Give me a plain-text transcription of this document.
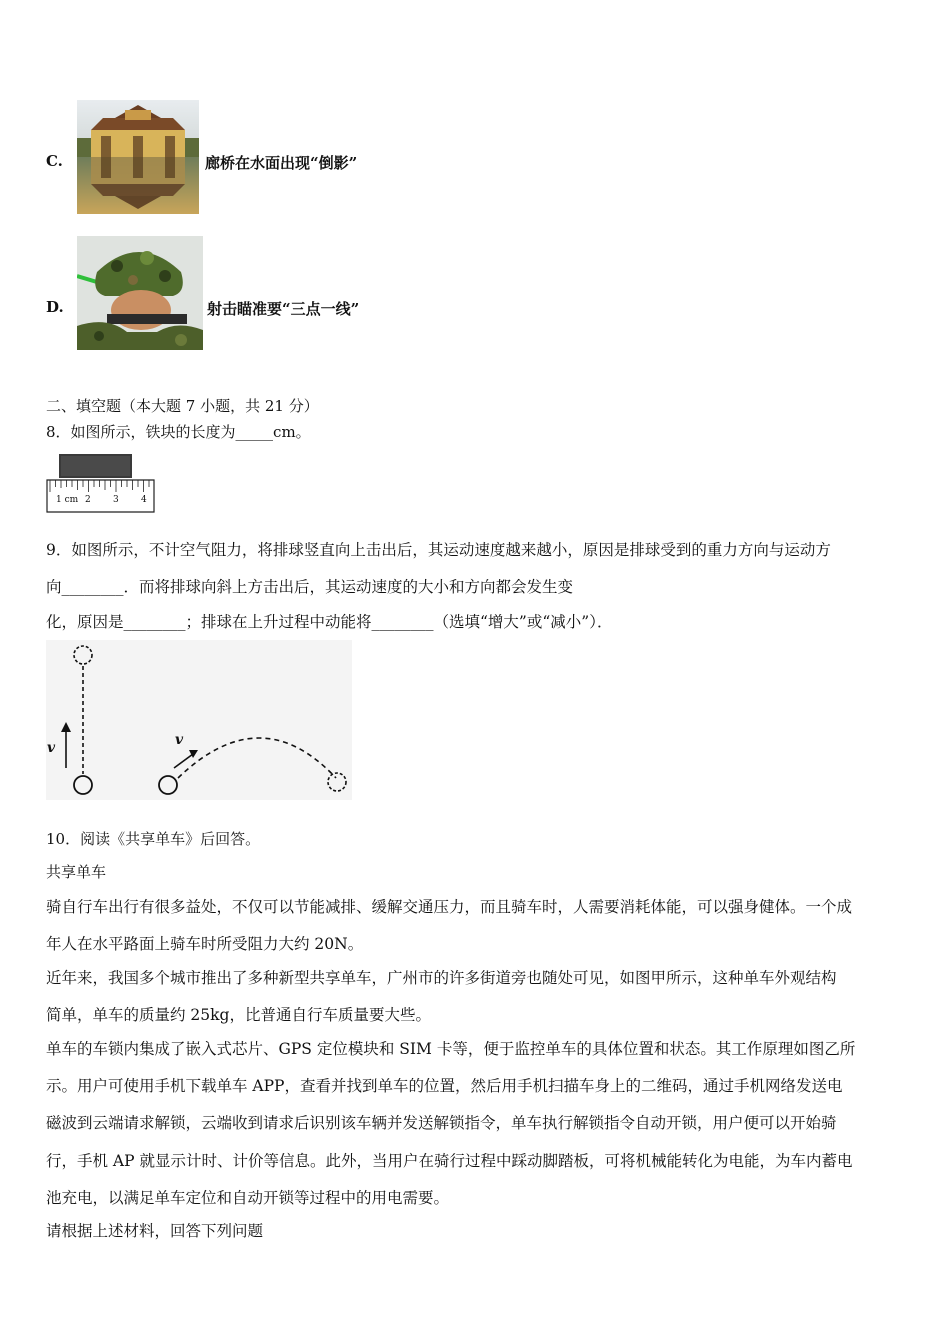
C.	廊桥在水面出现“倒影”
D.	射击瞄准要“三点一线”
二、填空题（本大题 7 小题，共 21 分）
8．如图所示，铁块的长度为_____cm。
1 cm 2 3 4
9．如图所示，不计空气阻力，将排球竖直向上击出后，其运动速度越来越小，原因是排球受到的重力方向与运动方
向________．而将排球向斜上方击出后，其运动速度的大小和方向都会发生变
化，原因是________；排球在上升过程中动能将________（选填“增大”或“减小”）．
v	v
10．阅读《共享单车》后回答。
共享单车
骑自行车出行有很多益处，不仅可以节能减排、缓解交通压力，而且骑车时，人需要消耗体能，可以强身健体。一个成
年人在水平路面上骑车时所受阻力大约 20N。
近年来，我国多个城市推出了多种新型共享单车，广州市的许多街道旁也随处可见，如图甲所示，这种单车外观结构
简单，单车的质量约 25kg，比普通自行车质量要大些。
单车的车锁内集成了嵌入式芯片、GPS 定位模块和 SIM 卡等，便于监控单车的具体位置和状态。其工作原理如图乙所
示。用户可使用手机下载单车 APP，查看并找到单车的位置，然后用手机扫描车身上的二维码，通过手机网络发送电
磁波到云端请求解锁，云端收到请求后识别该车辆并发送解锁指令，单车执行解锁指令自动开锁，用户便可以开始骑
行，手机 AP 就显示计时、计价等信息。此外，当用户在骑行过程中踩动脚踏板，可将机械能转化为电能，为车内蓄电
池充电，以满足单车定位和自动开锁等过程中的用电需要。
请根据上述材料，回答下列问题
